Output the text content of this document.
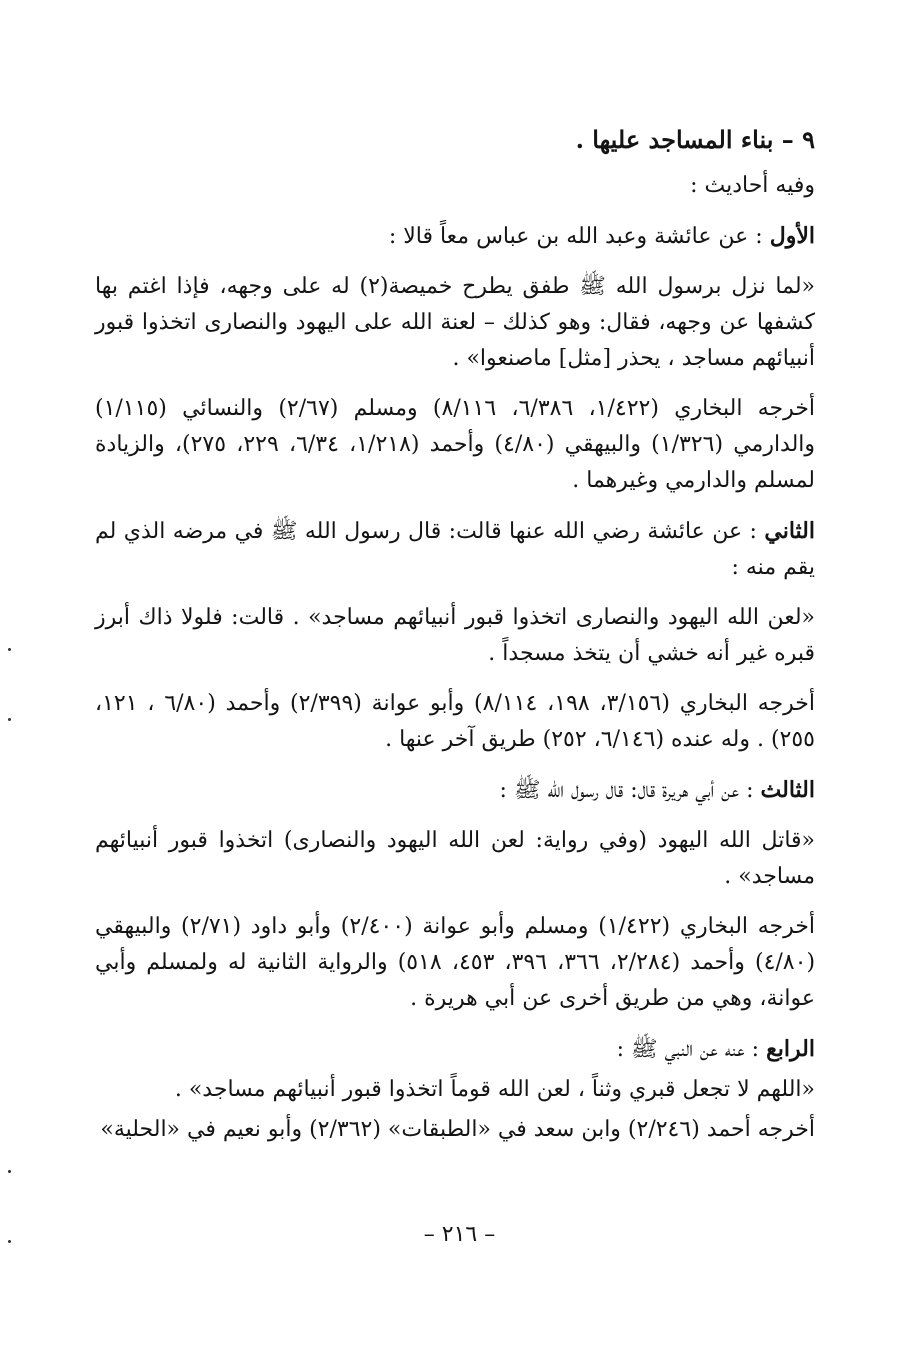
٩ – بناء المساجد عليها .
وفيه أحاديث :
الأول : عن عائشة وعبد الله بن عباس معاً قالا :
«لما نزل برسول الله ﷺ طفق يطرح خميصة(٢) له على وجهه، فإذا اغتم بها كشفها عن وجهه، فقال: وهو كذلك – لعنة الله على اليهود والنصارى اتخذوا قبور أنبيائهم مساجد ، يحذر [مثل] ماصنعوا» .
أخرجه البخاري (١/٤٢٢، ٦/٣٨٦، ٨/١١٦) ومسلم (٢/٦٧) والنسائي (١/١١٥) والدارمي (١/٣٢٦) والبيهقي (٤/٨٠) وأحمد (١/٢١٨، ٦/٣٤، ٢٢٩، ٢٧٥)، والزيادة لمسلم والدارمي وغيرهما .
الثاني : عن عائشة رضي الله عنها قالت: قال رسول الله ﷺ في مرضه الذي لم يقم منه :
«لعن الله اليهود والنصارى اتخذوا قبور أنبيائهم مساجد» . قالت: فلولا ذاك أبرز قبره غير أنه خشي أن يتخذ مسجداً .
أخرجه البخاري (٣/١٥٦، ١٩٨، ٨/١١٤) وأبو عوانة (٢/٣٩٩) وأحمد (٦/٨٠ ، ١٢١، ٢٥٥) . وله عنده (٦/١٤٦، ٢٥٢) طريق آخر عنها .
الثالث : عن أبي هريرة قال: قال رسول الله ﷺ :
«قاتل الله اليهود (وفي رواية: لعن الله اليهود والنصارى) اتخذوا قبور أنبيائهم مساجد» .
أخرجه البخاري (١/٤٢٢) ومسلم وأبو عوانة (٢/٤٠٠) وأبو داود (٢/٧١) والبيهقي (٤/٨٠) وأحمد (٢/٢٨٤، ٣٦٦، ٣٩٦، ٤٥٣، ٥١٨) والرواية الثانية له ولمسلم وأبي عوانة، وهي من طريق أخرى عن أبي هريرة .
الرابع : عنه عن النبي ﷺ :
«اللهم لا تجعل قبري وثناً ، لعن الله قوماً اتخذوا قبور أنبيائهم مساجد» .
أخرجه أحمد (٢/٢٤٦) وابن سعد في «الطبقات» (٢/٣٦٢) وأبو نعيم في «الحلية»
– ٢١٦ –
